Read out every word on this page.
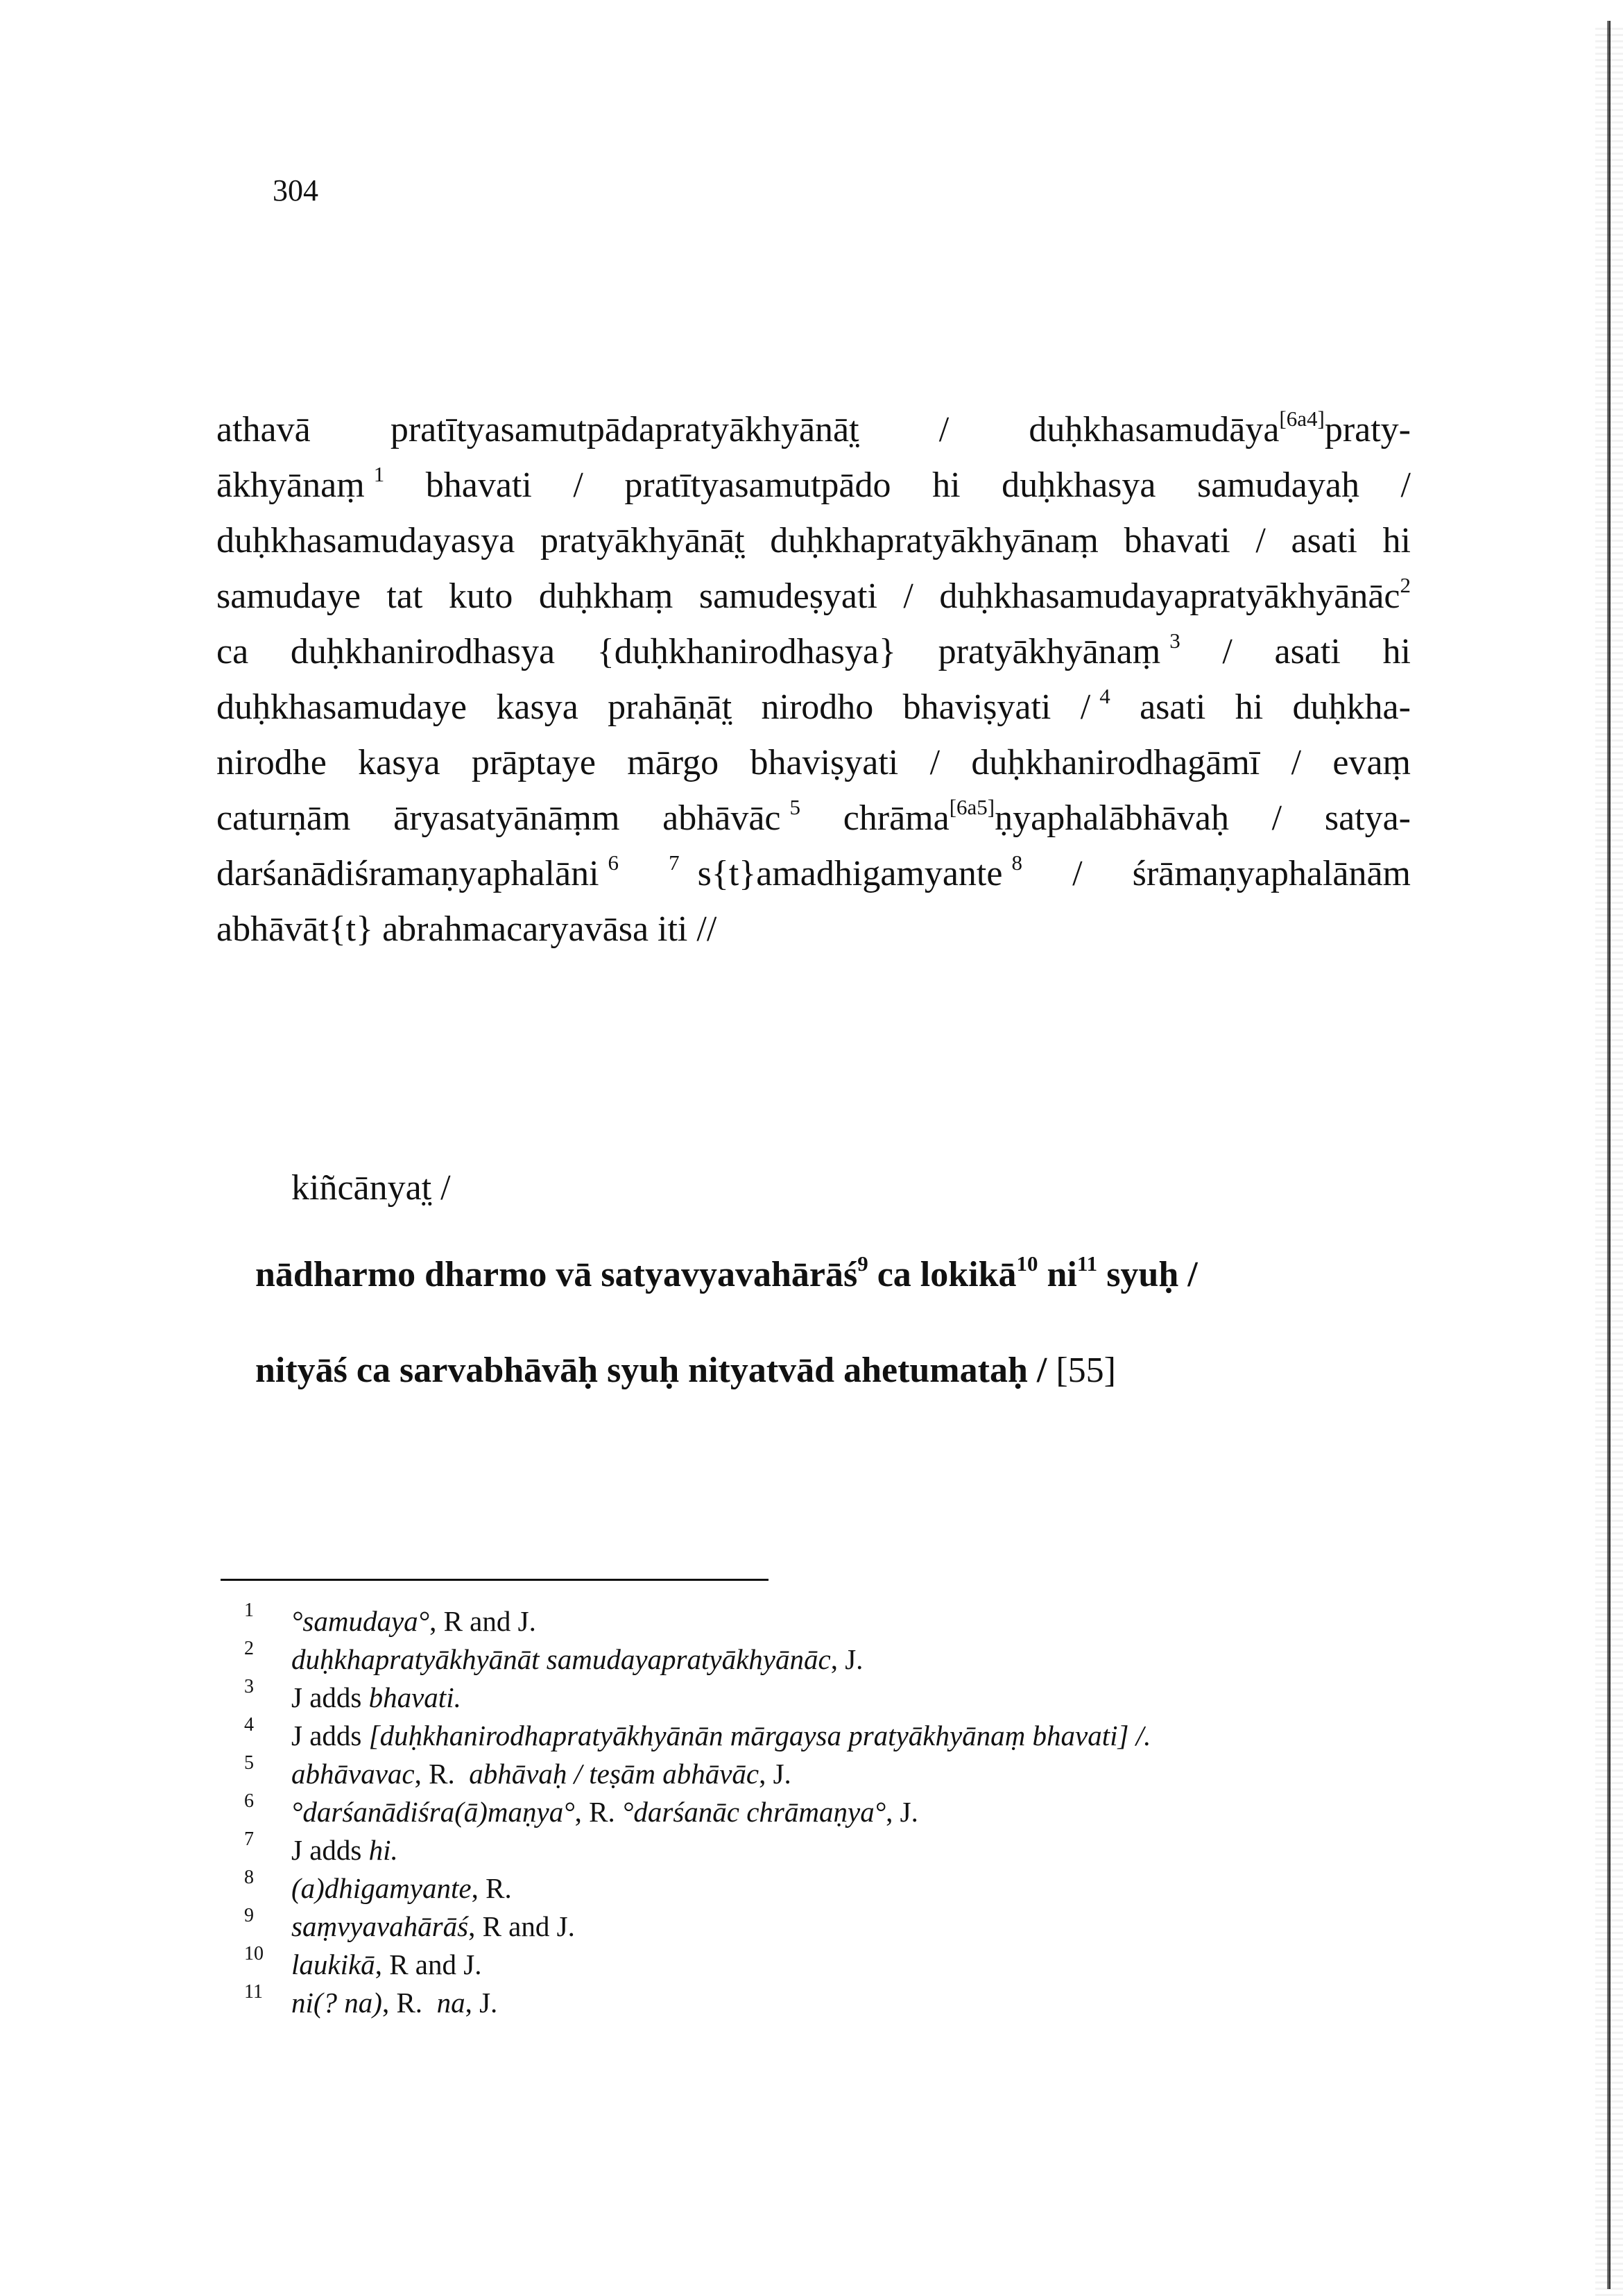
304
athavā pratītyasamutpādapratyākhyānāt̤ / duḥkhasamudāya[6a4]praty-
ākhyānaṃ $^1$ bhavati / pratītyasamutpādo hi duḥkhasya samudayaḥ /
duḥkhasamudayasya pratyākhyānāt̤ duḥkhapratyākhyānaṃ bhavati / asati hi
samudaye tat kuto duḥkhaṃ samudeṣyati / duḥkhasamudayapratyākhyānāc$^2$
ca duḥkhanirodhasya {duḥkhanirodhasya} pratyākhyānaṃ $^3$ / asati hi
duḥkhasamudaye kasya prahāṇāt̤ nirodho bhaviṣyati / $^4$ asati hi duḥkha-
nirodhe kasya prāptaye mārgo bhaviṣyati / duḥkhanirodhagāmī / evaṃ
caturṇām āryasatyānāṃm abhāvāc $^5$ chrāma[6a5]ṇyaphalābhāvaḥ / satya-
darśanādiśramaṇyaphalāni $^6$ $^7$ s{t}amadhigamyante $^8$ / śrāmaṇyaphalānām
abhāvāt{t}
abrahmacaryavāsa
iti
//
kiñcānyat̤ /
nādharmo dharmo vā satyavyavahārāś$^9$ ca lokikā$^{10}$ $ni^{11}$ syuḥ /
nityāś ca sarvabhāvāḥ syuḥ nityatvād ahetumataḥ / [55]
1	°samudaya°, R and J.
2	duḥkhapratyākhyānāt samudayapratyākhyānāc, J.
3	J adds bhavati.
4	J adds [duḥkhanirodhapratyākhyānān mārgaysa pratyākhyānaṃ bhavati] /.
5	abhāvavac, R.  abhāvaḥ / teṣām abhāvāc, J.
6	°darśanādiśra(ā)maṇya°, R. °darśanāc chrāmaṇya°, J.
7	J adds hi.
8	(a)dhigamyante, R.
9	saṃvyavahārāś, R and J.
10 laukikā, R and J.
11	ni(? na), R.  na, J.
